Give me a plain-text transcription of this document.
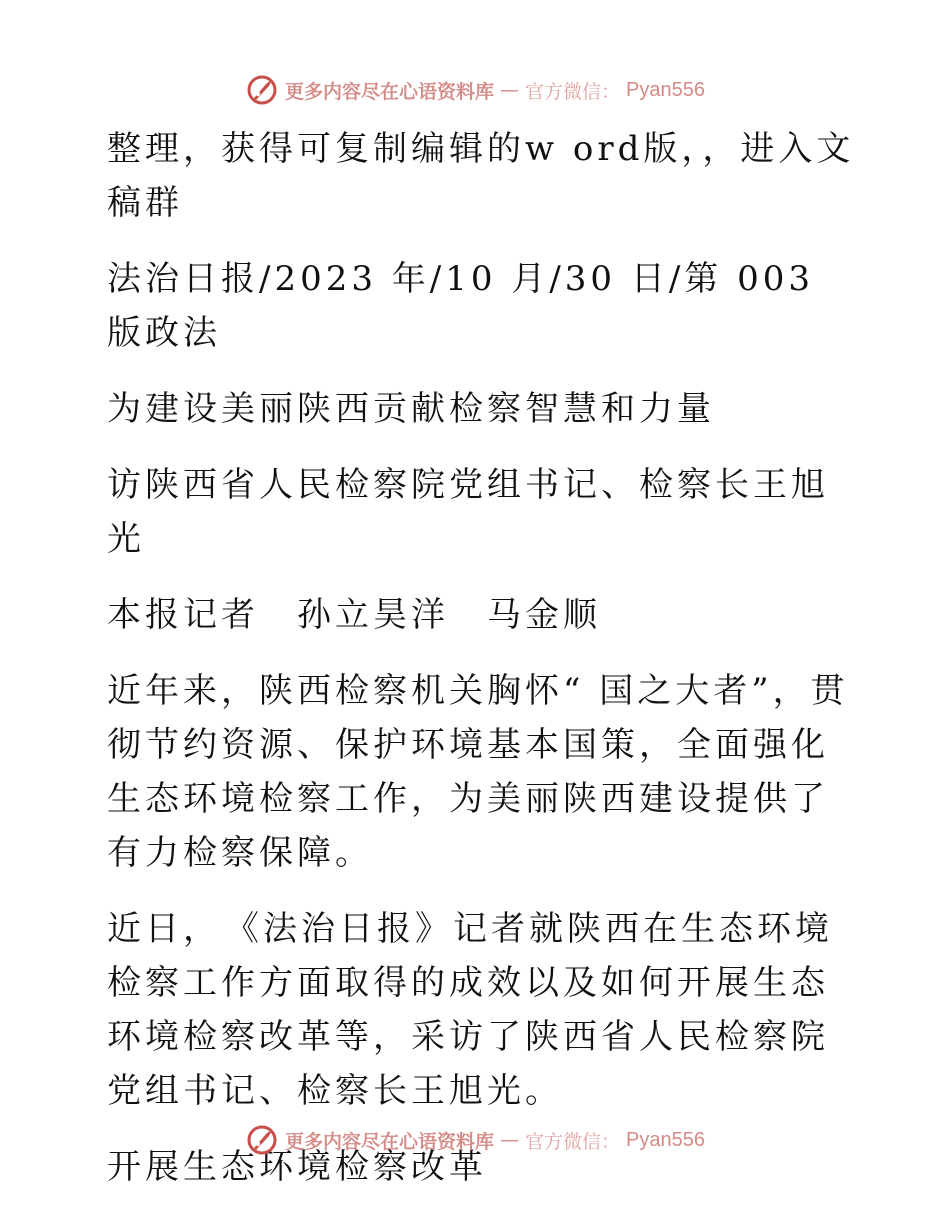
更多内容尽在心语资料库 — 官方微信： Pyan556

整理，获得可复制编辑的w ord版，，进入文稿群

法治日报/2023 年/10 月/30 日/第 003 版政法

为建设美丽陕西贡献检察智慧和力量

访陕西省人民检察院党组书记、检察长王旭光

本报记者　孙立昊洋　马金顺

近年来，陕西检察机关胸怀“ 国之大者”，贯彻节约资源、保护环境基本国策，全面强化生态环境检察工作，为美丽陕西建设提供了有力检察保障。

近日，　《法治日报》记者就陕西在生态环境检察工作方面取得的成效以及如何开展生态环境检察改革等，采访了陕西省人民检察院党组书记、检察长王旭光。

开展生态环境检察改革

更多内容尽在心语资料库 — 官方微信： Pyan556
